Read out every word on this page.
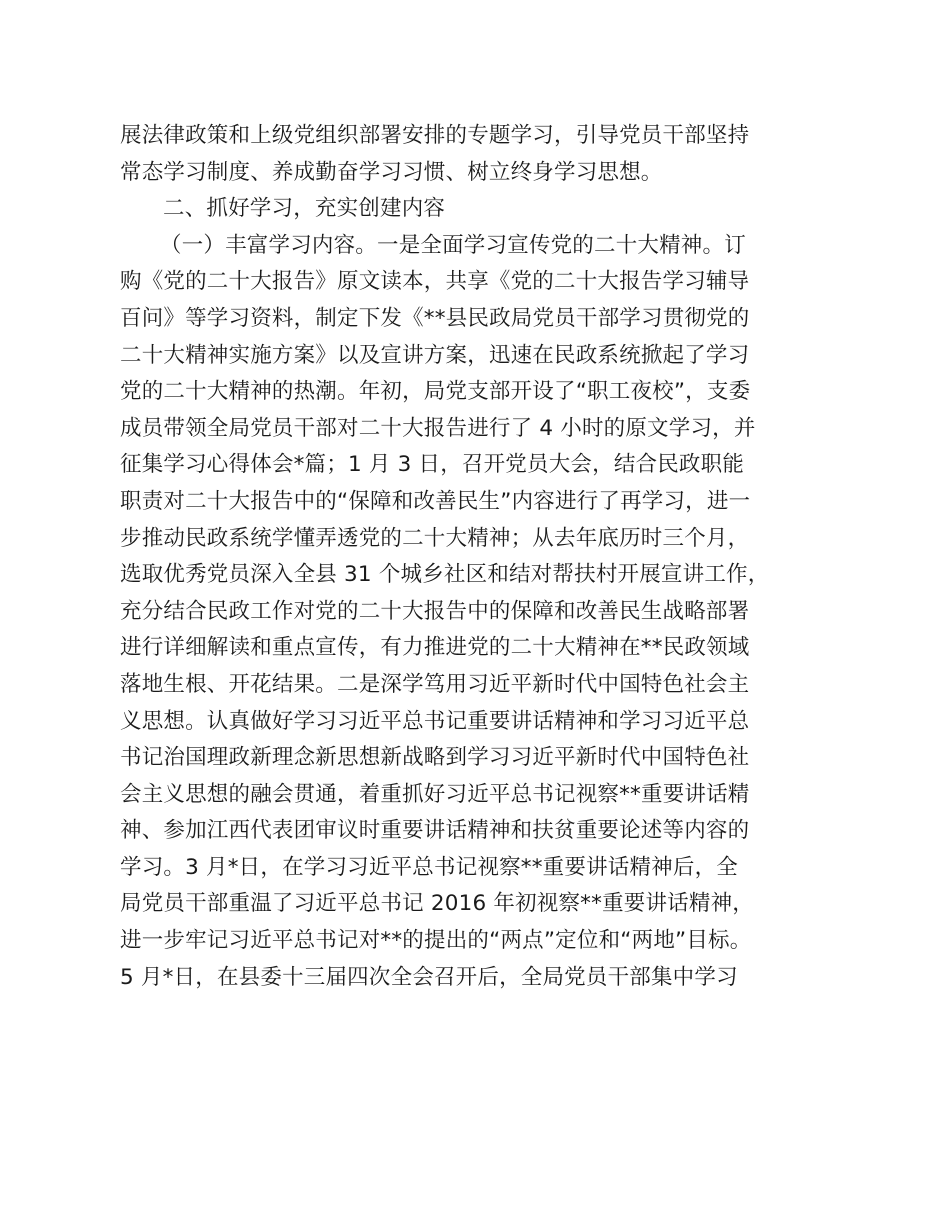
展法律政策和上级党组织部署安排的专题学习，引导党员干部坚持
常态学习制度、养成勤奋学习习惯、树立终身学习思想。
二、抓好学习，充实创建内容
（一）丰富学习内容。一是全面学习宣传党的二十大精神。订
购《党的二十大报告》原文读本，共享《党的二十大报告学习辅导
百问》等学习资料，制定下发《**县民政局党员干部学习贯彻党的
二十大精神实施方案》以及宣讲方案，迅速在民政系统掀起了学习
党的二十大精神的热潮。年初，局党支部开设了“职工夜校”，支委
成员带领全局党员干部对二十大报告进行了 4 小时的原文学习，并
征集学习心得体会*篇；1 月 3 日，召开党员大会，结合民政职能
职责对二十大报告中的“保障和改善民生”内容进行了再学习，进一
步推动民政系统学懂弄透党的二十大精神；从去年底历时三个月，
选取优秀党员深入全县 31 个城乡社区和结对帮扶村开展宣讲工作，
充分结合民政工作对党的二十大报告中的保障和改善民生战略部署
进行详细解读和重点宣传，有力推进党的二十大精神在**民政领域
落地生根、开花结果。二是深学笃用习近平新时代中国特色社会主
义思想。认真做好学习习近平总书记重要讲话精神和学习习近平总
书记治国理政新理念新思想新战略到学习习近平新时代中国特色社
会主义思想的融会贯通，着重抓好习近平总书记视察**重要讲话精
神、参加江西代表团审议时重要讲话精神和扶贫重要论述等内容的
学习。3 月*日，在学习习近平总书记视察**重要讲话精神后，全
局党员干部重温了习近平总书记 2016 年初视察**重要讲话精神，
进一步牢记习近平总书记对**的提出的“两点”定位和“两地”目标。
5 月*日，在县委十三届四次全会召开后，全局党员干部集中学习
